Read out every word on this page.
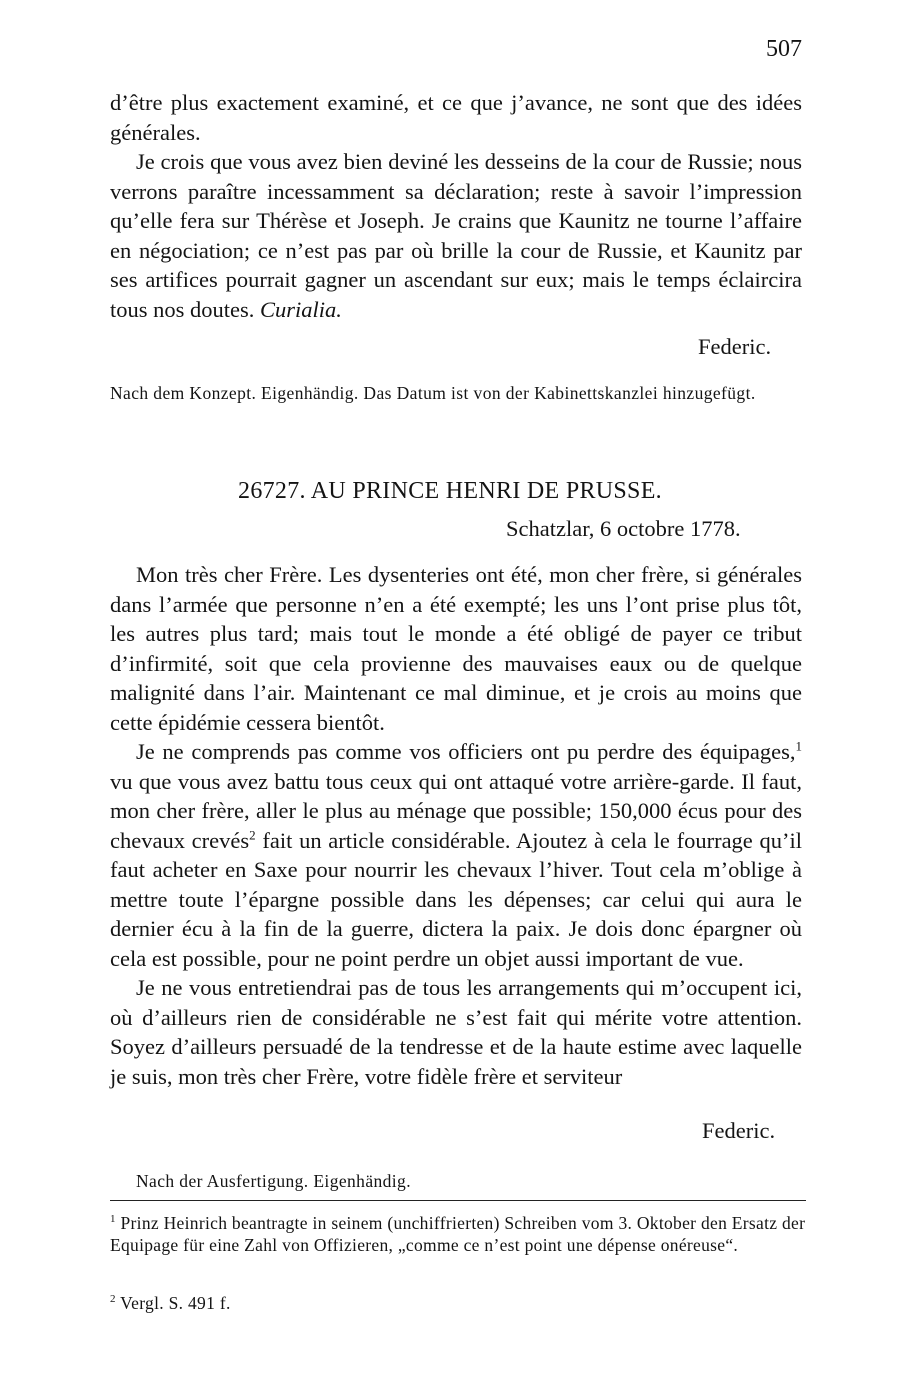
507

d’être plus exactement examiné, et ce que j’avance, ne sont que des idées générales.

Je crois que vous avez bien deviné les desseins de la cour de Russie; nous verrons paraître incessamment sa déclaration; reste à savoir l’impression qu’elle fera sur Thérèse et Joseph. Je crains que Kaunitz ne tourne l’affaire en négociation; ce n’est pas par où brille la cour de Russie, et Kaunitz par ses artifices pourrait gagner un ascendant sur eux; mais le temps éclaircira tous nos doutes. Curialia.

Federic.

Nach dem Konzept. Eigenhändig. Das Datum ist von der Kabinettskanzlei hinzugefügt.

26727. AU PRINCE HENRI DE PRUSSE.
Schatzlar, 6 octobre 1778.

Mon très cher Frère. Les dysenteries ont été, mon cher frère, si générales dans l’armée que personne n’en a été exempté; les uns l’ont prise plus tôt, les autres plus tard; mais tout le monde a été obligé de payer ce tribut d’infirmité, soit que cela provienne des mauvaises eaux ou de quelque malignité dans l’air. Maintenant ce mal diminue, et je crois au moins que cette épidémie cessera bientôt.

Je ne comprends pas comme vos officiers ont pu perdre des équipages,$^1$ vu que vous avez battu tous ceux qui ont attaqué votre arrière-garde. Il faut, mon cher frère, aller le plus au ménage que possible; 150,000 écus pour des chevaux crevés$^2$ fait un article considérable. Ajoutez à cela le fourrage qu’il faut acheter en Saxe pour nourrir les chevaux l’hiver. Tout cela m’oblige à mettre toute l’épargne possible dans les dépenses; car celui qui aura le dernier écu à la fin de la guerre, dictera la paix. Je dois donc épargner où cela est possible, pour ne point perdre un objet aussi important de vue.

Je ne vous entretiendrai pas de tous les arrangements qui m’occupent ici, où d’ailleurs rien de considérable ne s’est fait qui mérite votre attention. Soyez d’ailleurs persuadé de la tendresse et de la haute estime avec laquelle je suis, mon très cher Frère, votre fidèle frère et serviteur

Federic.

Nach der Ausfertigung. Eigenhändig.

$^1$ Prinz Heinrich beantragte in seinem (unchiffrierten) Schreiben vom 3. Oktober den Ersatz der Equipage für eine Zahl von Offizieren, „comme ce n’est point une dépense onéreuse“.

$^2$ Vergl. S. 491 f.
